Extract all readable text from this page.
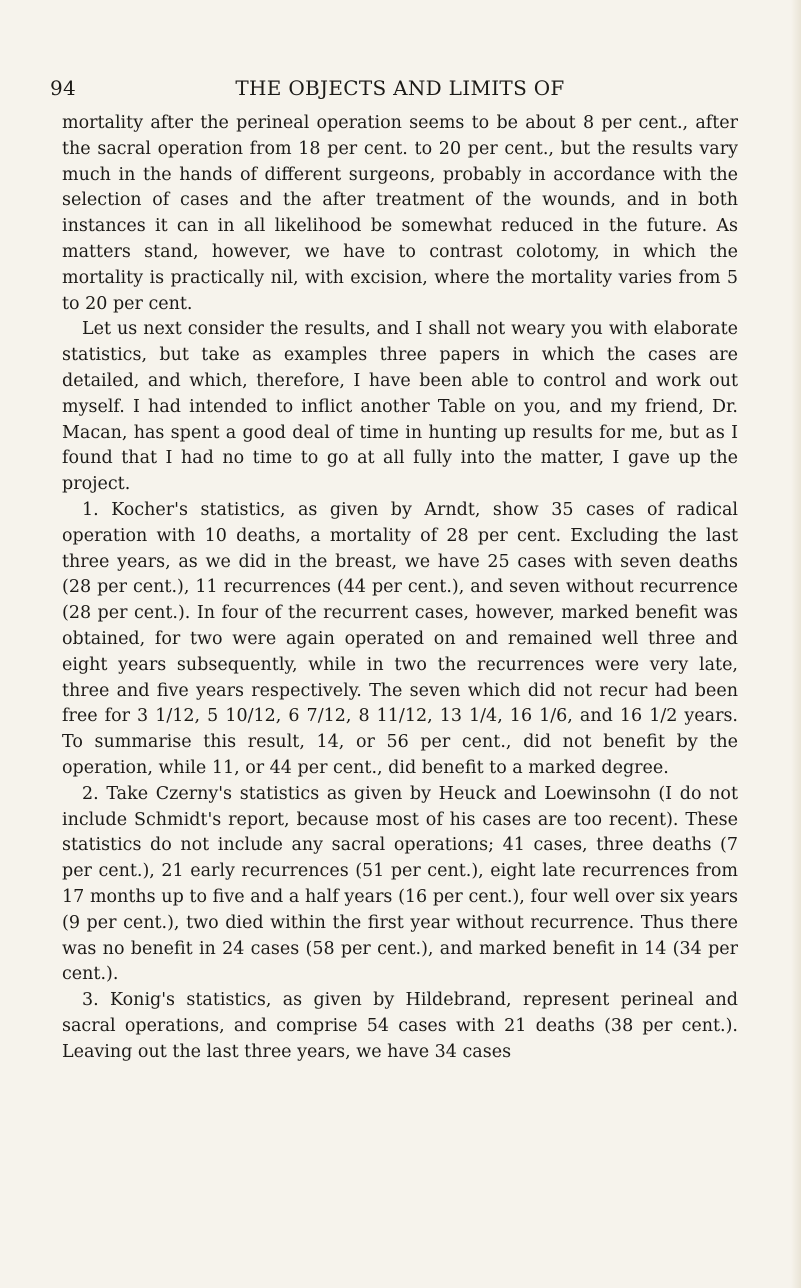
94	THE OBJECTS AND LIMITS OF

mortality after the perineal operation seems to be about 8 per cent., after the sacral operation from 18 per cent. to 20 per cent., but the results vary much in the hands of different surgeons, probably in accordance with the selection of cases and the after treatment of the wounds, and in both instances it can in all likelihood be somewhat reduced in the future. As matters stand, however, we have to contrast colotomy, in which the mortality is practically nil, with excision, where the mortality varies from 5 to 20 per cent.

Let us next consider the results, and I shall not weary you with elaborate statistics, but take as examples three papers in which the cases are detailed, and which, therefore, I have been able to control and work out myself. I had intended to inflict another Table on you, and my friend, Dr. Macan, has spent a good deal of time in hunting up results for me, but as I found that I had no time to go at all fully into the matter, I gave up the project.

1. Kocher's statistics, as given by Arndt, show 35 cases of radical operation with 10 deaths, a mortality of 28 per cent. Excluding the last three years, as we did in the breast, we have 25 cases with seven deaths (28 per cent.), 11 recurrences (44 per cent.), and seven without recurrence (28 per cent.). In four of the recurrent cases, however, marked benefit was obtained, for two were again operated on and remained well three and eight years subsequently, while in two the recurrences were very late, three and five years respectively. The seven which did not recur had been free for 3 1/12, 5 10/12, 6 7/12, 8 11/12, 13 1/4, 16 1/6, and 16 1/2 years. To summarise this result, 14, or 56 per cent., did not benefit by the operation, while 11, or 44 per cent., did benefit to a marked degree.

2. Take Czerny's statistics as given by Heuck and Loewinsohn (I do not include Schmidt's report, because most of his cases are too recent). These statistics do not include any sacral operations; 41 cases, three deaths (7 per cent.), 21 early recurrences (51 per cent.), eight late recurrences from 17 months up to five and a half years (16 per cent.), four well over six years (9 per cent.), two died within the first year without recurrence. Thus there was no benefit in 24 cases (58 per cent.), and marked benefit in 14 (34 per cent.).

3. Konig's statistics, as given by Hildebrand, represent perineal and sacral operations, and comprise 54 cases with 21 deaths (38 per cent.). Leaving out the last three years, we have 34 cases
